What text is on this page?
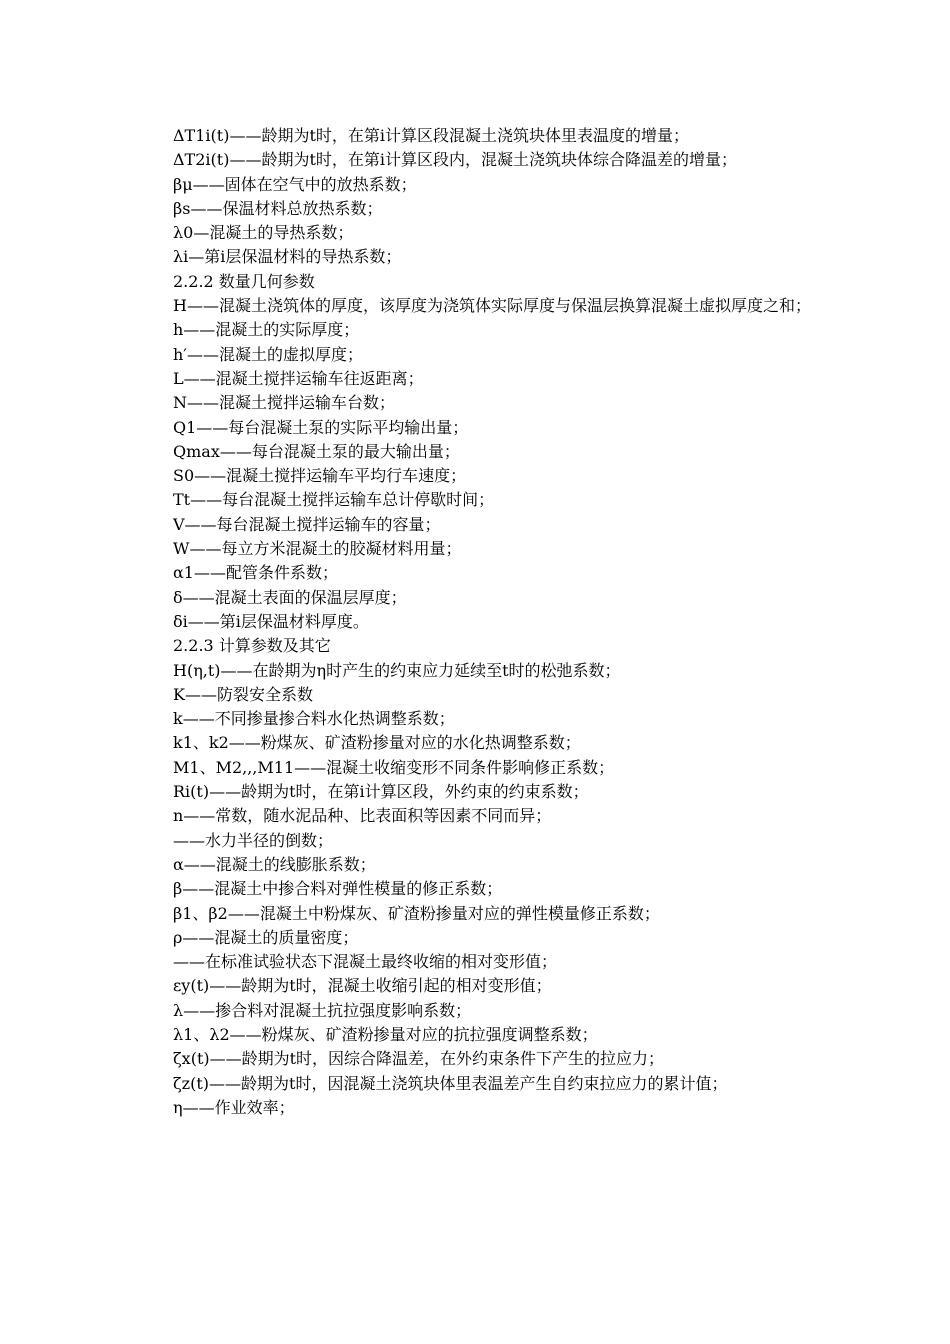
ΔT1i(t)——龄期为t时，在第i计算区段混凝土浇筑块体里表温度的增量；

ΔT2i(t)——龄期为t时，在第i计算区段内，混凝土浇筑块体综合降温差的增量；

βμ——固体在空气中的放热系数；

βs——保温材料总放热系数；

λ0—混凝土的导热系数；

λi—第i层保温材料的导热系数；

2.2.2 数量几何参数

H——混凝土浇筑体的厚度，该厚度为浇筑体实际厚度与保温层换算混凝土虚拟厚度之和；

h——混凝土的实际厚度；

h′——混凝土的虚拟厚度；

L——混凝土搅拌运输车往返距离；

N——混凝土搅拌运输车台数；

Q1——每台混凝土泵的实际平均输出量；

Qmax——每台混凝土泵的最大输出量；

S0——混凝土搅拌运输车平均行车速度；

Tt——每台混凝土搅拌运输车总计停歇时间；

V——每台混凝土搅拌运输车的容量；

W——每立方米混凝土的胶凝材料用量；

α1——配管条件系数；

δ——混凝土表面的保温层厚度；

δi——第i层保温材料厚度。

2.2.3 计算参数及其它

H(η,t)——在龄期为η时产生的约束应力延续至t时的松弛系数；

K——防裂安全系数

k——不同掺量掺合料水化热调整系数；

k1、k2——粉煤灰、矿渣粉掺量对应的水化热调整系数；

M1、M2,,,M11——混凝土收缩变形不同条件影响修正系数；

Ri(t)——龄期为t时，在第i计算区段，外约束的约束系数；

n——常数，随水泥品种、比表面积等因素不同而异；

——水力半径的倒数；

α——混凝土的线膨胀系数；

β——混凝土中掺合料对弹性模量的修正系数；

β1、β2——混凝土中粉煤灰、矿渣粉掺量对应的弹性模量修正系数；

ρ——混凝土的质量密度；

——在标准试验状态下混凝土最终收缩的相对变形值；

εy(t)——龄期为t时，混凝土收缩引起的相对变形值；

λ——掺合料对混凝土抗拉强度影响系数；

λ1、λ2——粉煤灰、矿渣粉掺量对应的抗拉强度调整系数；

ζx(t)——龄期为t时，因综合降温差，在外约束条件下产生的拉应力；

ζz(t)——龄期为t时，因混凝土浇筑块体里表温差产生自约束拉应力的累计值；

η——作业效率；
